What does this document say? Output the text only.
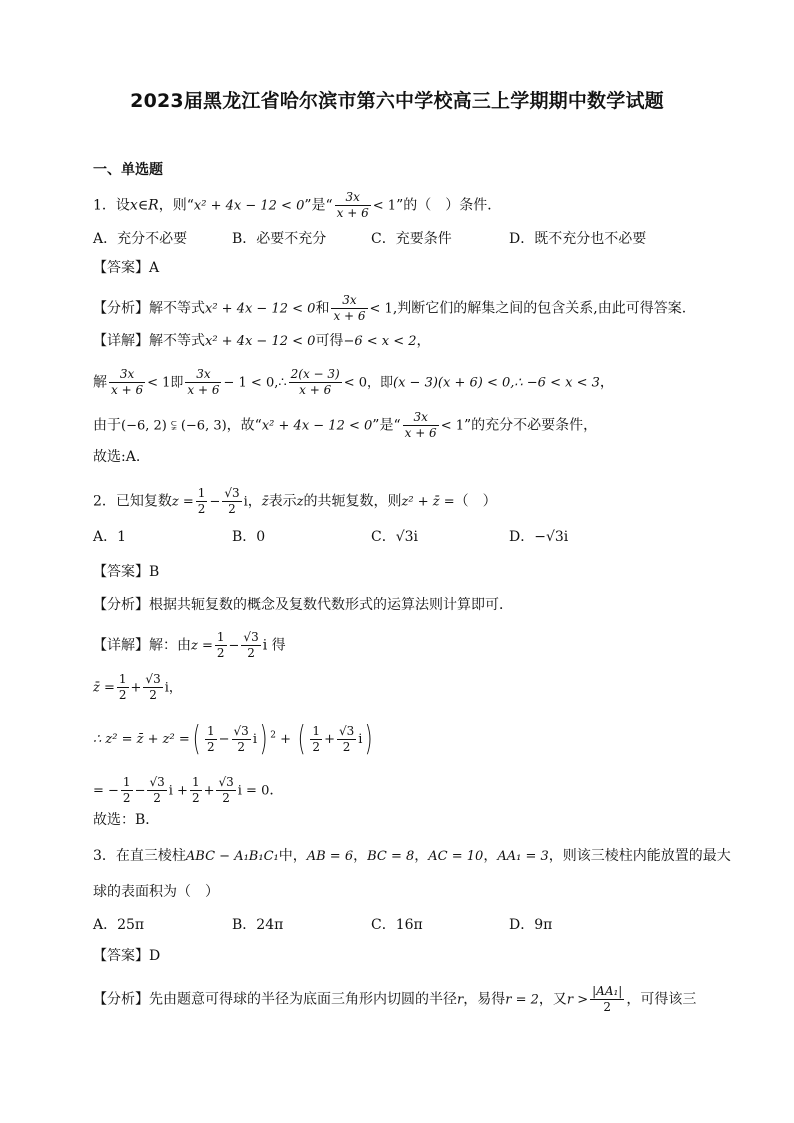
2023届黑龙江省哈尔滨市第六中学校高三上学期期中数学试题
一、单选题
1．设x∈R，则“x² + 4x − 12 < 0”是“ $\frac{3x}{x + 6} < 1$”的（　）条件．
A．充分不必要	B．必要不充分	C．充要条件	D．既不充分也不必要
【答案】A
【分析】解不等式x² + 4x − 12 < 0和 $\frac{3x}{x + 6} < 1$,判断它们的解集之间的包含关系,由此可得答案.
【详解】解不等式x² + 4x − 12 < 0可得−6 < x < 2，
解 $\frac{3x}{x + 6} < 1$即 $\frac{3x}{x + 6} - 1$ < 0,∴ $\frac{2(x - 3)}{x + 6} < 0$，即(x − 3)(x + 6) < 0,∴ −6 < x < 3，
由于(−6, 2) ⫋ (−6, 3)，故“x² + 4x − 12 < 0”是“ $\frac{3x}{x + 6} < 1$”的充分不必要条件，
故选:A.
2．已知复数$z = \frac{1}{2} - \frac{√3}{2}$ i，z̄表示z的共轭复数，则z² + z̄ =（　）
A．1	B．0	C．√3i	D．−√3i
【答案】B
【分析】根据共轭复数的概念及复数代数形式的运算法则计算即可．
【详解】解：由$z = \frac{1}{2} - \frac{√3}{2}$ i 得
z̄ = $\frac{1}{2} + \frac{√3}{2}$ i，
∴ z² = z̄ + z² =( $\frac{1}{2} - \frac{√3}{2} i$) $^2$ + ( $\frac{1}{2} + \frac{√3}{2} i$)
= − $\frac{1}{2} - \frac{√3}{2}$ $i + \frac{1}{2} + \frac{√3}{2}$ i = 0．
故选：B．
3．在直三棱柱ABC − A₁B₁C₁中，AB = 6，BC = 8，AC = 10，AA₁ = 3，则该三棱柱内能放置的最大
球的表面积为（　）
A．25π	B．24π	C．16π	D．9π
【答案】D
【分析】先由题意可得球的半径为底面三角形内切圆的半径r，易得r = 2，又$r > \frac{\text{|AA₁|}}{2}$ ，可得该三
